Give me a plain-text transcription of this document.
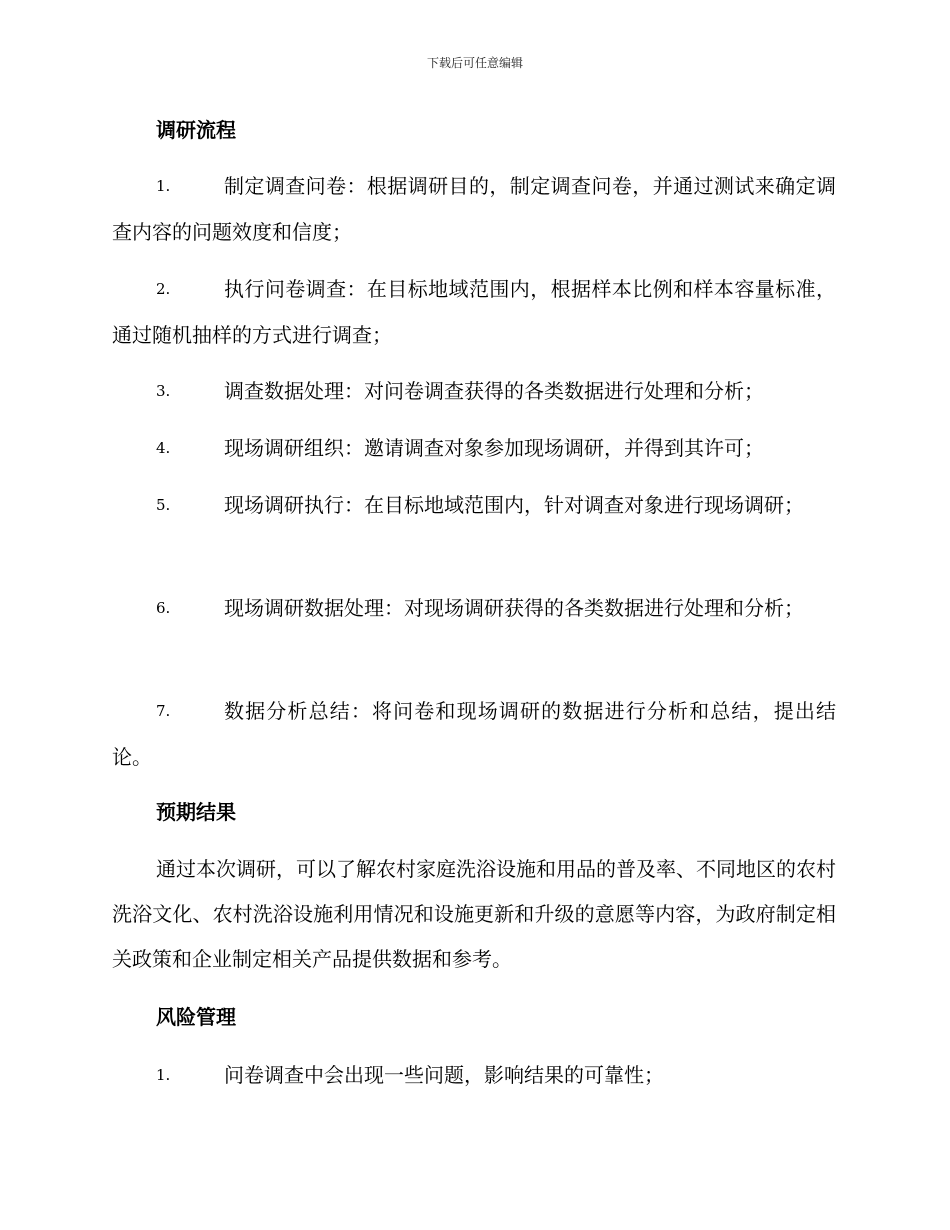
下载后可任意编辑
调研流程
1.	制定调查问卷：根据调研目的，制定调查问卷，并通过测试来确定调查内容的问题效度和信度；
2.	执行问卷调查：在目标地域范围内，根据样本比例和样本容量标准，通过随机抽样的方式进行调查；
3.	调查数据处理：对问卷调查获得的各类数据进行处理和分析；
4.	现场调研组织：邀请调查对象参加现场调研，并得到其许可；
5.	现场调研执行：在目标地域范围内，针对调查对象进行现场调研；
6.	现场调研数据处理：对现场调研获得的各类数据进行处理和分析；
7.	数据分析总结：将问卷和现场调研的数据进行分析和总结，提出结论。
预期结果
通过本次调研，可以了解农村家庭洗浴设施和用品的普及率、不同地区的农村洗浴文化、农村洗浴设施利用情况和设施更新和升级的意愿等内容，为政府制定相关政策和企业制定相关产品提供数据和参考。
风险管理
1.	问卷调查中会出现一些问题，影响结果的可靠性；
